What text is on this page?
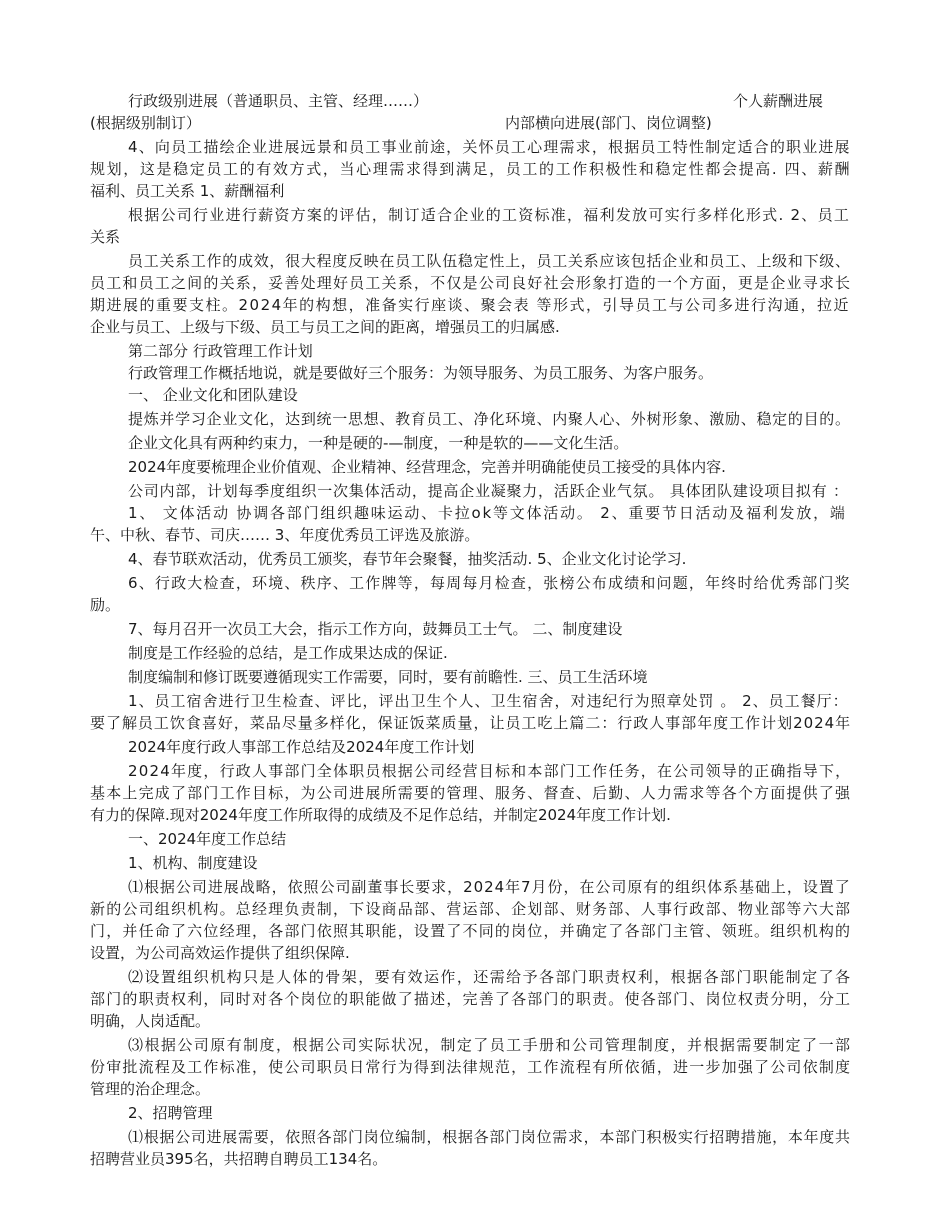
行政级别进展（普通职员、主管、经理……）	个人薪酬进展
(根据级别制订）	内部横向进展(部门、岗位调整)
4、向员工描绘企业进展远景和员工事业前途，关怀员工心理需求，根据员工特性制定适合的职业进展
规划，这是稳定员工的有效方式，当心理需求得到满足，员工的工作积极性和稳定性都会提高. 四、薪酬
福利、员工关系 1、薪酬福利
根据公司行业进行薪资方案的评估，制订适合企业的工资标准，福利发放可实行多样化形式. 2、员工
关系
员工关系工作的成效，很大程度反映在员工队伍稳定性上，员工关系应该包括企业和员工、上级和下级、
员工和员工之间的关系，妥善处理好员工关系，不仅是公司良好社会形象打造的一个方面，更是企业寻求长
期进展的重要支柱。2024年的构想，准备实行座谈、聚会表 等形式，引导员工与公司多进行沟通，拉近
企业与员工、上级与下级、员工与员工之间的距离，增强员工的归属感.
第二部分 行政管理工作计划
行政管理工作概括地说，就是要做好三个服务：为领导服务、为员工服务、为客户服务。
一、 企业文化和团队建设
提炼并学习企业文化，达到统一思想、教育员工、净化环境、内聚人心、外树形象、激励、稳定的目的。
企业文化具有两种约束力，一种是硬的-—制度，一种是软的——文化生活。
2024年度要梳理企业价值观、企业精神、经营理念，完善并明确能使员工接受的具体内容.
公司内部，计划每季度组织一次集体活动，提高企业凝聚力，活跃企业气氛。 具体团队建设项目拟有 ：
1、 文体活动 协调各部门组织趣味运动、卡拉ok等文体活动。 2、重要节日活动及福利发放，端
午、中秋、春节、司庆…… 3、年度优秀员工评选及旅游。
4、春节联欢活动，优秀员工颁奖，春节年会聚餐，抽奖活动. 5、企业文化讨论学习.
6、行政大检查，环境、秩序、工作牌等，每周每月检查，张榜公布成绩和问题，年终时给优秀部门奖
励。
7、每月召开一次员工大会，指示工作方向，鼓舞员工士气。 二、制度建设
制度是工作经验的总结，是工作成果达成的保证.
制度编制和修订既要遵循现实工作需要，同时，要有前瞻性. 三、员工生活环境
1、员工宿舍进行卫生检查、评比，评出卫生个人、卫生宿舍，对违纪行为照章处罚 。 2、员工餐厅：
要了解员工饮食喜好，菜品尽量多样化，保证饭菜质量，让员工吃上篇二：行政人事部年度工作计划2024年
2024年度行政人事部工作总结及2024年度工作计划
2024年度，行政人事部门全体职员根据公司经营目标和本部门工作任务，在公司领导的正确指导下，
基本上完成了部门工作目标，为公司进展所需要的管理、服务、督查、后勤、人力需求等各个方面提供了强
有力的保障.现对2024年度工作所取得的成绩及不足作总结，并制定2024年度工作计划.
一、2024年度工作总结
1、机构、制度建设
⑴根据公司进展战略，依照公司副董事长要求，2024年7月份，在公司原有的组织体系基础上，设置了
新的公司组织机构。总经理负责制，下设商品部、营运部、企划部、财务部、人事行政部、物业部等六大部
门，并任命了六位经理，各部门依照其职能，设置了不同的岗位，并确定了各部门主管、领班。组织机构的
设置，为公司高效运作提供了组织保障.
⑵设置组织机构只是人体的骨架，要有效运作，还需给予各部门职责权利，根据各部门职能制定了各
部门的职责权利，同时对各个岗位的职能做了描述，完善了各部门的职责。使各部门、岗位权责分明，分工
明确，人岗适配。
⑶根据公司原有制度，根据公司实际状况，制定了员工手册和公司管理制度，并根据需要制定了一部
份审批流程及工作标准，使公司职员日常行为得到法律规范，工作流程有所依循，进一步加强了公司依制度
管理的治企理念。
2、招聘管理
⑴根据公司进展需要，依照各部门岗位编制，根据各部门岗位需求，本部门积极实行招聘措施，本年度共
招聘营业员395名，共招聘自聘员工134名。
